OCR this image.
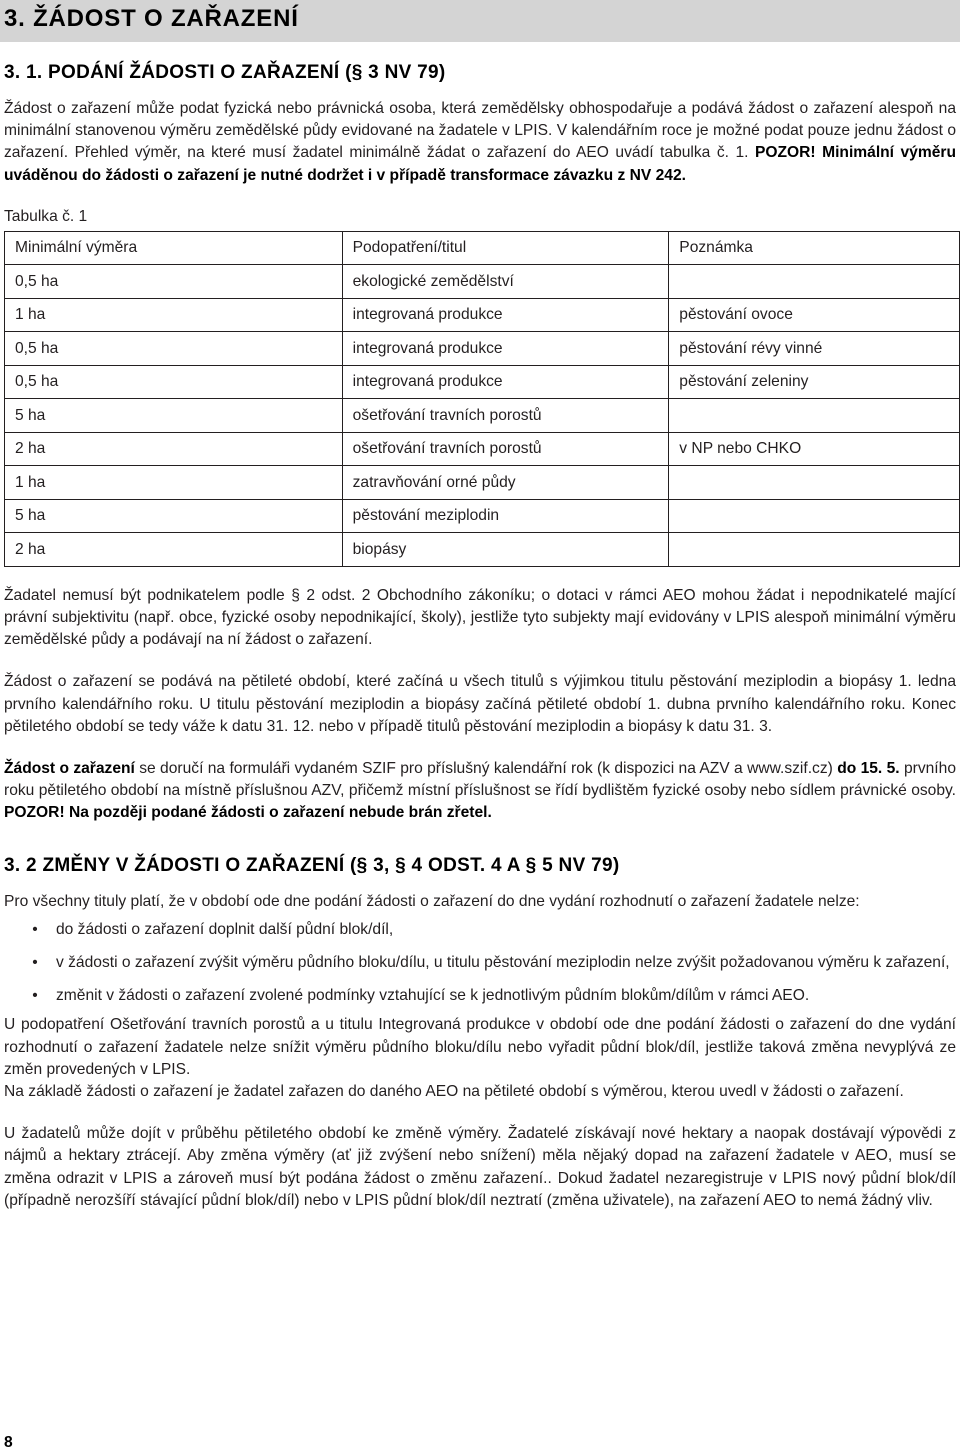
3. ŽÁDOST O ZAŘAZENÍ
3. 1. PODÁNÍ ŽÁDOSTI O ZAŘAZENÍ (§ 3 NV 79)

Žádost o zařazení může podat fyzická nebo právnická osoba, která zemědělsky obhospodařuje a podává žádost o zařazení alespoň na minimální stanovenou výměru zemědělské půdy evidované na žadatele v LPIS. V kalendářním roce je možné podat pouze jednu žádost o zařazení. Přehled výměr, na které musí žadatel minimálně žádat o zařazení do AEO uvádí tabulka č. 1. POZOR! Minimální výměru uváděnou do žádosti o zařazení je nutné dodržet i v případě transformace závazku z NV 242.

Tabulka č. 1
Minimální výměra	Podopatření/titul	Poznámka
0,5 ha	ekologické zemědělství	
1 ha	integrovaná produkce	pěstování ovoce
0,5 ha	integrovaná produkce	pěstování révy vinné
0,5 ha	integrovaná produkce	pěstování zeleniny
5 ha	ošetřování travních porostů	
2 ha	ošetřování travních porostů	v NP nebo CHKO
1 ha	zatravňování orné půdy	
5 ha	pěstování meziplodin	
2 ha	biopásy	

Žadatel nemusí být podnikatelem podle § 2 odst. 2 Obchodního zákoníku; o dotaci v rámci AEO mohou žádat i nepodnikatelé mající právní subjektivitu (např. obce, fyzické osoby nepodnikající, školy), jestliže tyto subjekty mají evidovány v LPIS alespoň minimální výměru zemědělské půdy a podávají na ní žádost o zařazení.

Žádost o zařazení se podává na pětileté období, které začíná u všech titulů s výjimkou titulu pěstování meziplodin a biopásy 1. ledna prvního kalendářního roku. U titulu pěstování meziplodin a biopásy začíná pětileté období 1. dubna prvního kalendářního roku. Konec pětiletého období se tedy váže k datu 31. 12. nebo v případě titulů pěstování meziplodin a biopásy k datu 31. 3.

Žádost o zařazení se doručí na formuláři vydaném SZIF pro příslušný kalendářní rok (k dispozici na AZV a www.szif.cz) do 15. 5. prvního roku pětiletého období na místně příslušnou AZV, přičemž místní příslušnost se řídí bydlištěm fyzické osoby nebo sídlem právnické osoby. POZOR! Na později podané žádosti o zařazení nebude brán zřetel.

3. 2 ZMĚNY V ŽÁDOSTI O ZAŘAZENÍ (§ 3, § 4 ODST. 4 A § 5 NV 79)

Pro všechny tituly platí, že v období ode dne podání žádosti o zařazení do dne vydání rozhodnutí o zařazení žadatele nelze:

• do žádosti o zařazení doplnit další půdní blok/díl,
• v žádosti o zařazení zvýšit výměru půdního bloku/dílu, u titulu pěstování meziplodin nelze zvýšit požadovanou výměru k zařazení,
• změnit v žádosti o zařazení zvolené podmínky vztahující se k jednotlivým půdním blokům/dílům v rámci AEO.

U podopatření Ošetřování travních porostů a u titulu Integrovaná produkce v období ode dne podání žádosti o zařazení do dne vydání rozhodnutí o zařazení žadatele nelze snížit výměru půdního bloku/dílu nebo vyřadit půdní blok/díl, jestliže taková změna nevyplývá ze změn provedených v LPIS.

Na základě žádosti o zařazení je žadatel zařazen do daného AEO na pětileté období s výměrou, kterou uvedl v žádosti o zařazení.

U žadatelů může dojít v průběhu pětiletého období ke změně výměry. Žadatelé získávají nové hektary a naopak dostávají výpovědi z nájmů a hektary ztrácejí. Aby změna výměry (ať již zvýšení nebo snížení) měla nějaký dopad na zařazení žadatele v AEO, musí se změna odrazit v LPIS a zároveň musí být podána žádost o změnu zařazení.. Dokud žadatel nezaregistruje v LPIS nový půdní blok/díl (případně nerozšíří stávající půdní blok/díl) nebo v LPIS půdní blok/díl neztratí (změna uživatele), na zařazení AEO to nemá žádný vliv.

8
